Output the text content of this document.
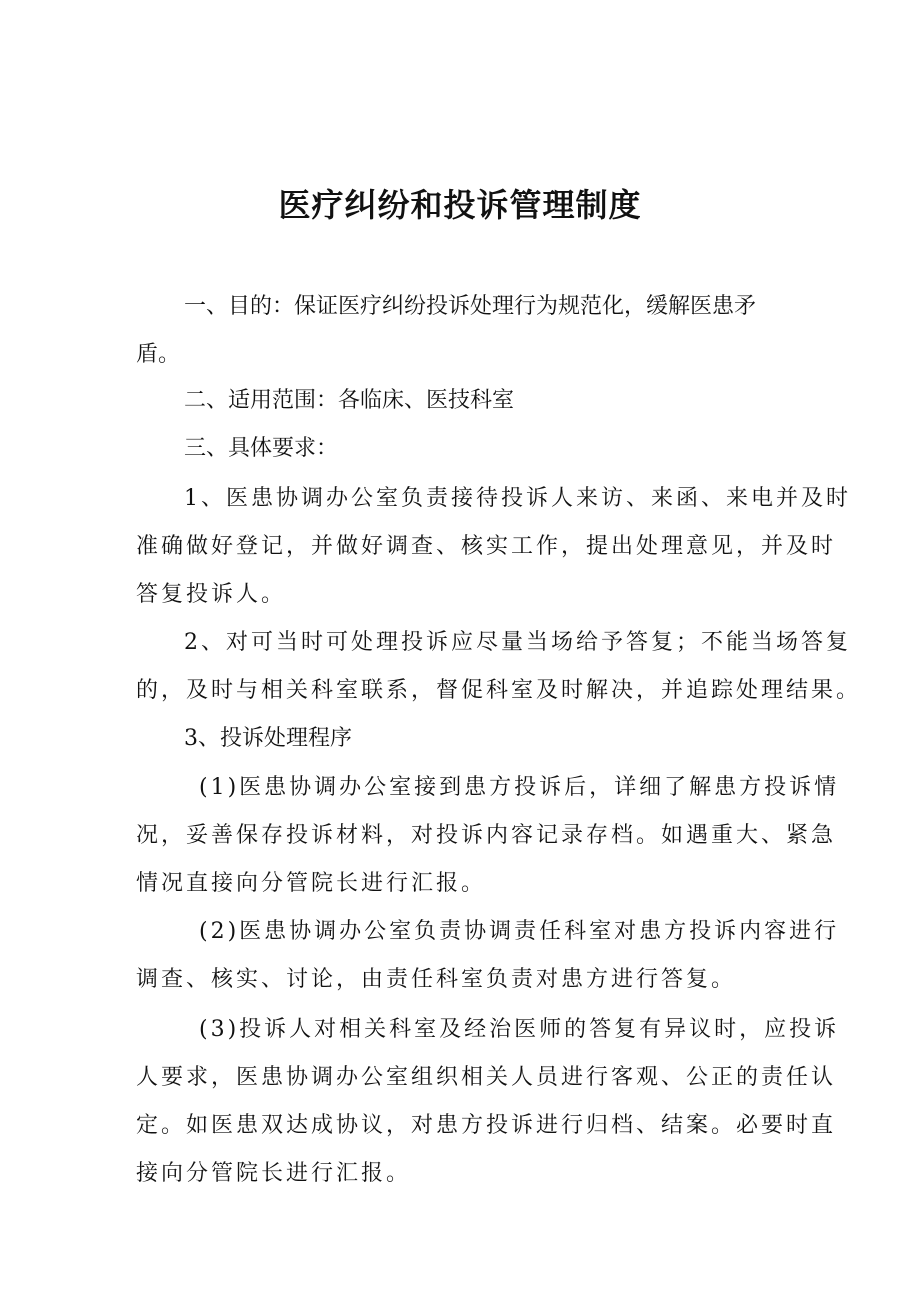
医疗纠纷和投诉管理制度

一、目的：保证医疗纠纷投诉处理行为规范化，缓解医患矛

盾。

二、适用范围：各临床、医技科室

三、具体要求：

1、医患协调办公室负责接待投诉人来访、来函、来电并及时

准确做好登记，并做好调查、核实工作，提出处理意见，并及时

答复投诉人。

2、对可当时可处理投诉应尽量当场给予答复；不能当场答复

的，及时与相关科室联系，督促科室及时解决，并追踪处理结果。

3、投诉处理程序

(1)医患协调办公室接到患方投诉后，详细了解患方投诉情

况，妥善保存投诉材料，对投诉内容记录存档。如遇重大、紧急

情况直接向分管院长进行汇报。

(2)医患协调办公室负责协调责任科室对患方投诉内容进行

调查、核实、讨论，由责任科室负责对患方进行答复。

(3)投诉人对相关科室及经治医师的答复有异议时，应投诉

人要求，医患协调办公室组织相关人员进行客观、公正的责任认

定。如医患双达成协议，对患方投诉进行归档、结案。必要时直

接向分管院长进行汇报。
